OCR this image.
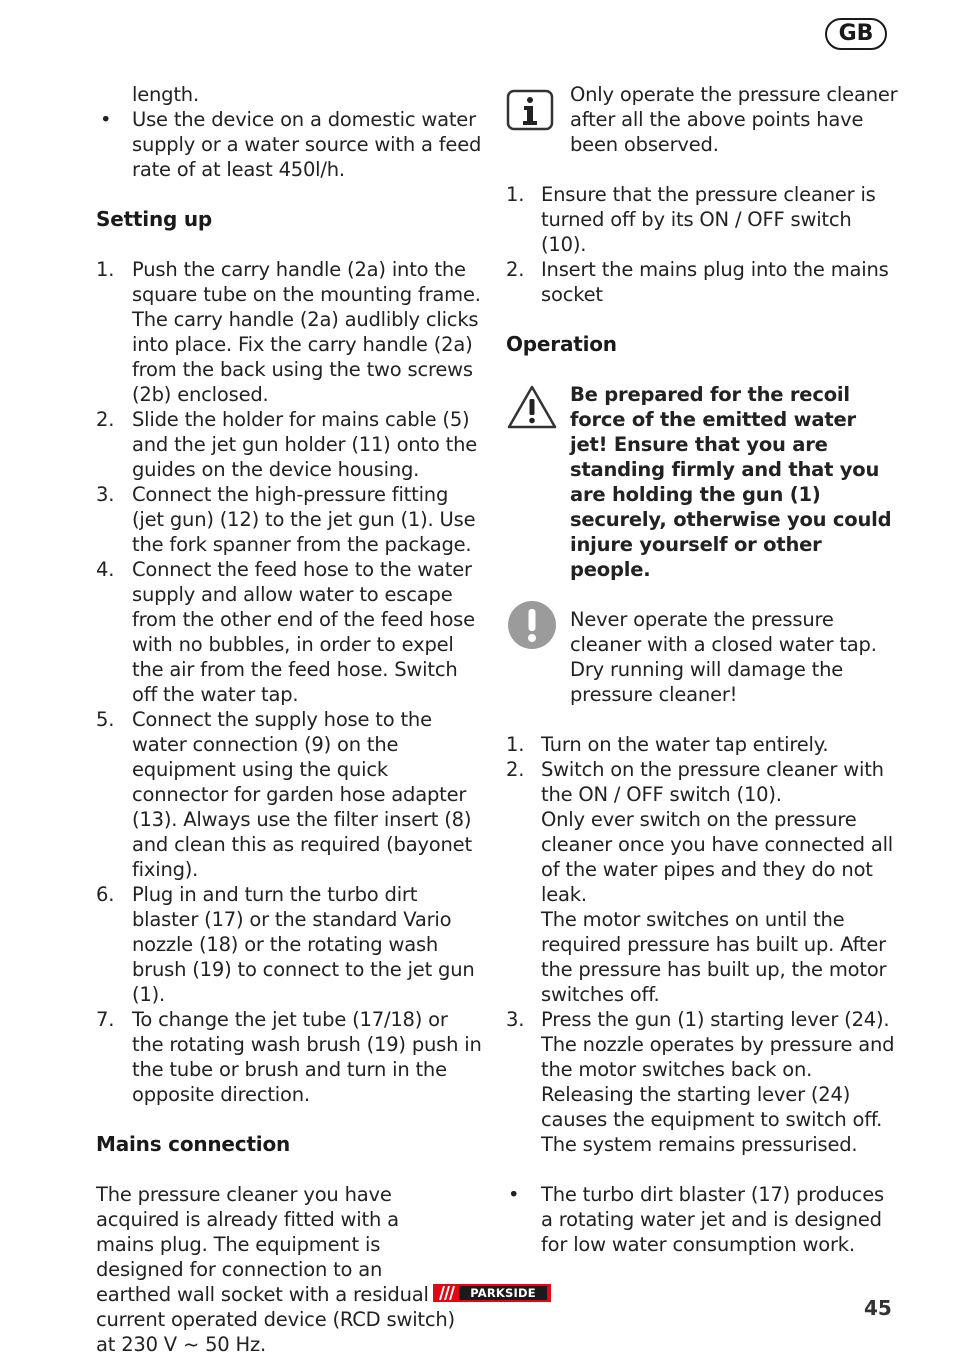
GB
length.
• Use the device on a domestic water supply or a water source with a feed rate of at least 450l/h.
Setting up
1. Push the carry handle (2a) into the square tube on the mounting frame. The carry handle (2a) audlibly clicks into place. Fix the carry handle (2a) from the back using the two screws (2b) enclosed.
2. Slide the holder for mains cable (5) and the jet gun holder (11) onto the guides on the device housing.
3. Connect the high-pressure fitting (jet gun) (12) to the jet gun (1). Use the fork spanner from the package.
4. Connect the feed hose to the water supply and allow water to escape from the other end of the feed hose with no bubbles, in order to expel the air from the feed hose. Switch off the water tap.
5. Connect the supply hose to the water connection (9) on the equipment using the quick connector for garden hose adapter (13). Always use the filter insert (8) and clean this as required (bayonet fixing).
6. Plug in and turn the turbo dirt blaster (17) or the standard Vario nozzle (18) or the rotating wash brush (19) to connect to the jet gun (1).
7. To change the jet tube (17/18) or the rotating wash brush (19) push in the tube or brush and turn in the opposite direction.
Mains connection
The pressure cleaner you have acquired is already fitted with a mains plug. The equipment is designed for connection to an earthed wall socket with a residual current operated device (RCD switch) at 230 V ~ 50 Hz.
Only operate the pressure cleaner after all the above points have been observed.
1. Ensure that the pressure cleaner is turned off by its ON / OFF switch (10).
2. Insert the mains plug into the mains socket
Operation
Be prepared for the recoil force of the emitted water jet! Ensure that you are standing firmly and that you are holding the gun (1) securely, otherwise you could injure yourself or other people.
Never operate the pressure cleaner with a closed water tap. Dry running will damage the pressure cleaner!
1. Turn on the water tap entirely.
2. Switch on the pressure cleaner with the ON / OFF switch (10).
Only ever switch on the pressure cleaner once you have connected all of the water pipes and they do not leak.
The motor switches on until the required pressure has built up. After the pressure has built up, the motor switches off.
3. Press the gun (1) starting lever (24).
The nozzle operates by pressure and the motor switches back on.
Releasing the starting lever (24) causes the equipment to switch off. The system remains pressurised.
• The turbo dirt blaster (17) produces a rotating water jet and is designed for low water consumption work.
PARKSIDE
45
